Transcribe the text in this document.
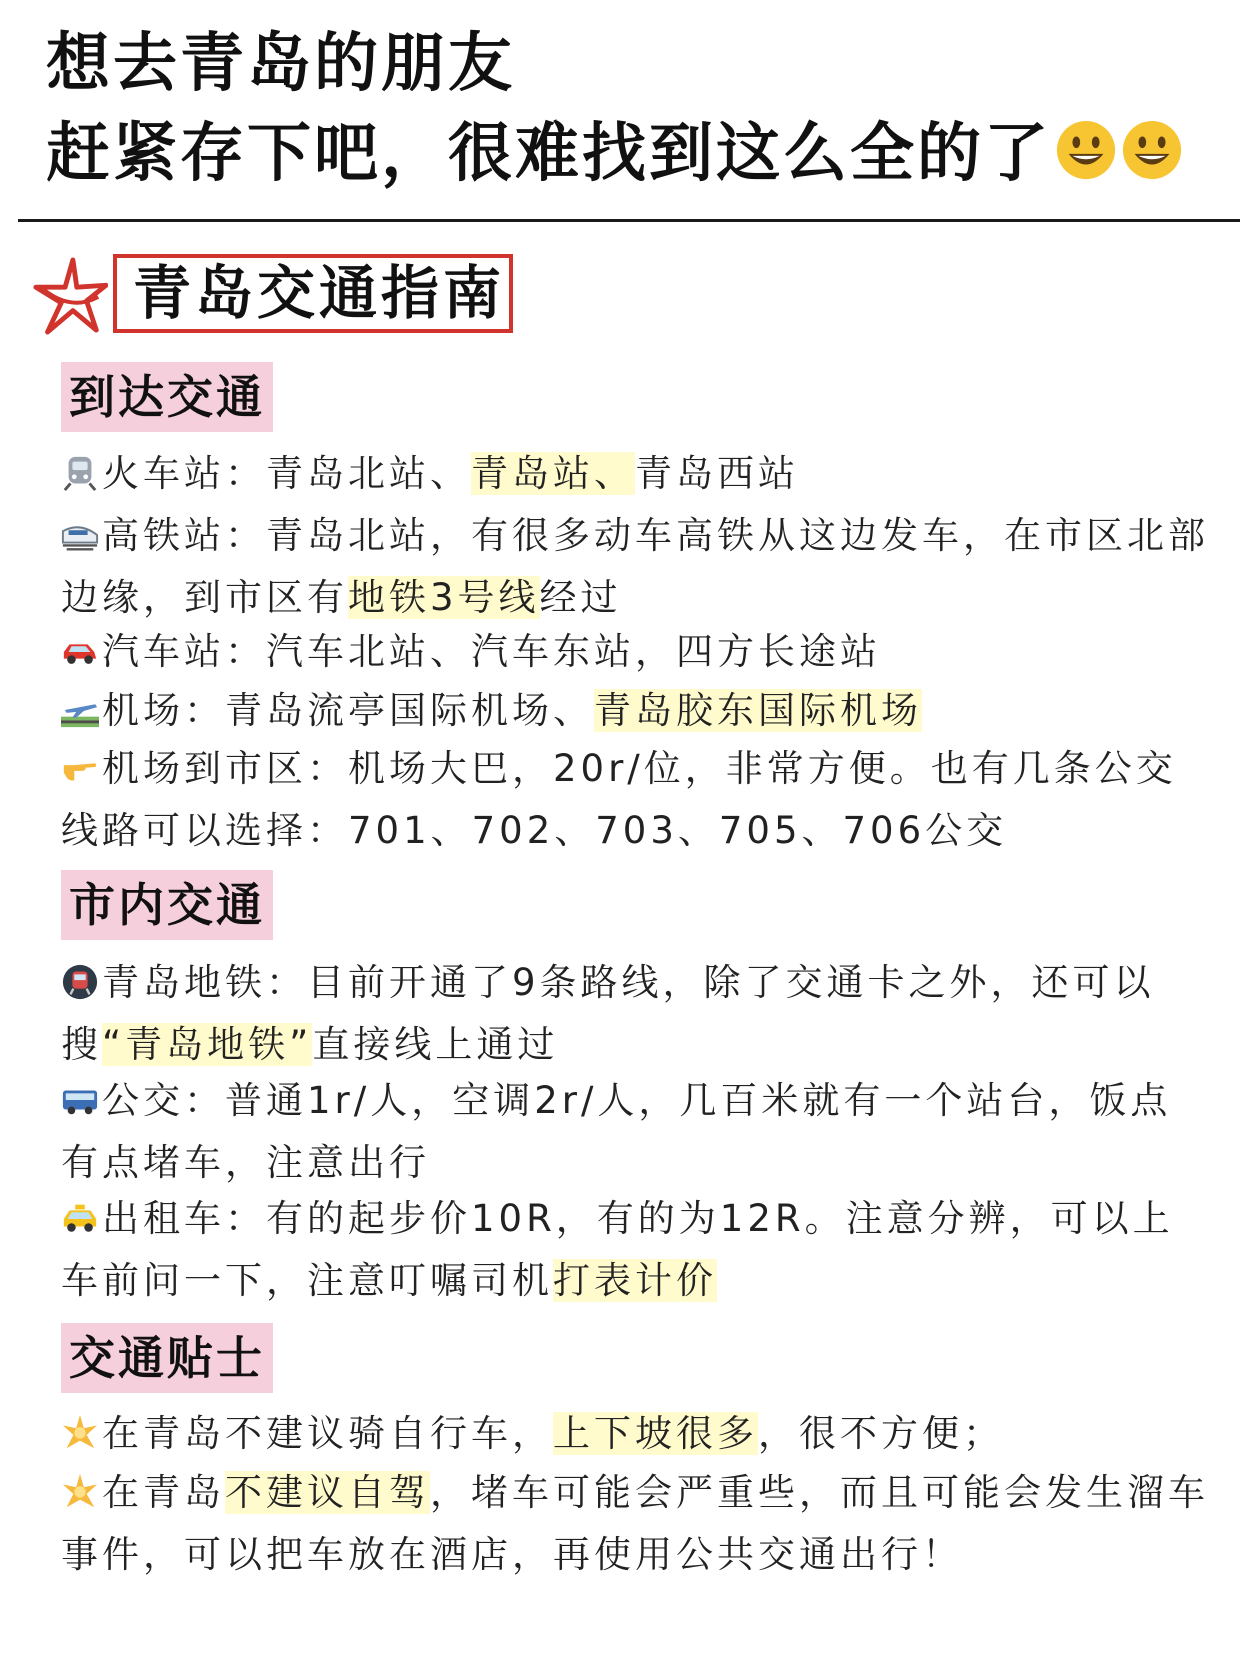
想去青岛的朋友
赶紧存下吧，很难找到这么全的了
青岛交通指南
到达交通
火车站：青岛北站、青岛站、青岛西站
高铁站：青岛北站，有很多动车高铁从这边发车，在市区北部边缘，到市区有地铁3号线经过
汽车站：汽车北站、汽车东站，四方长途站
机场：青岛流亭国际机场、青岛胶东国际机场
机场到市区：机场大巴，20r/位，非常方便。也有几条公交线路可以选择：701、702、703、705、706公交
市内交通
青岛地铁：目前开通了9条路线，除了交通卡之外，还可以搜“青岛地铁”直接线上通过
公交：普通1r/人，空调2r/人，几百米就有一个站台，饭点有点堵车，注意出行
出租车：有的起步价10R，有的为12R。注意分辨，可以上车前问一下，注意叮嘱司机打表计价
交通贴士
在青岛不建议骑自行车，上下坡很多，很不方便；
在青岛不建议自驾，堵车可能会严重些，而且可能会发生溜车事件，可以把车放在酒店，再使用公共交通出行！
